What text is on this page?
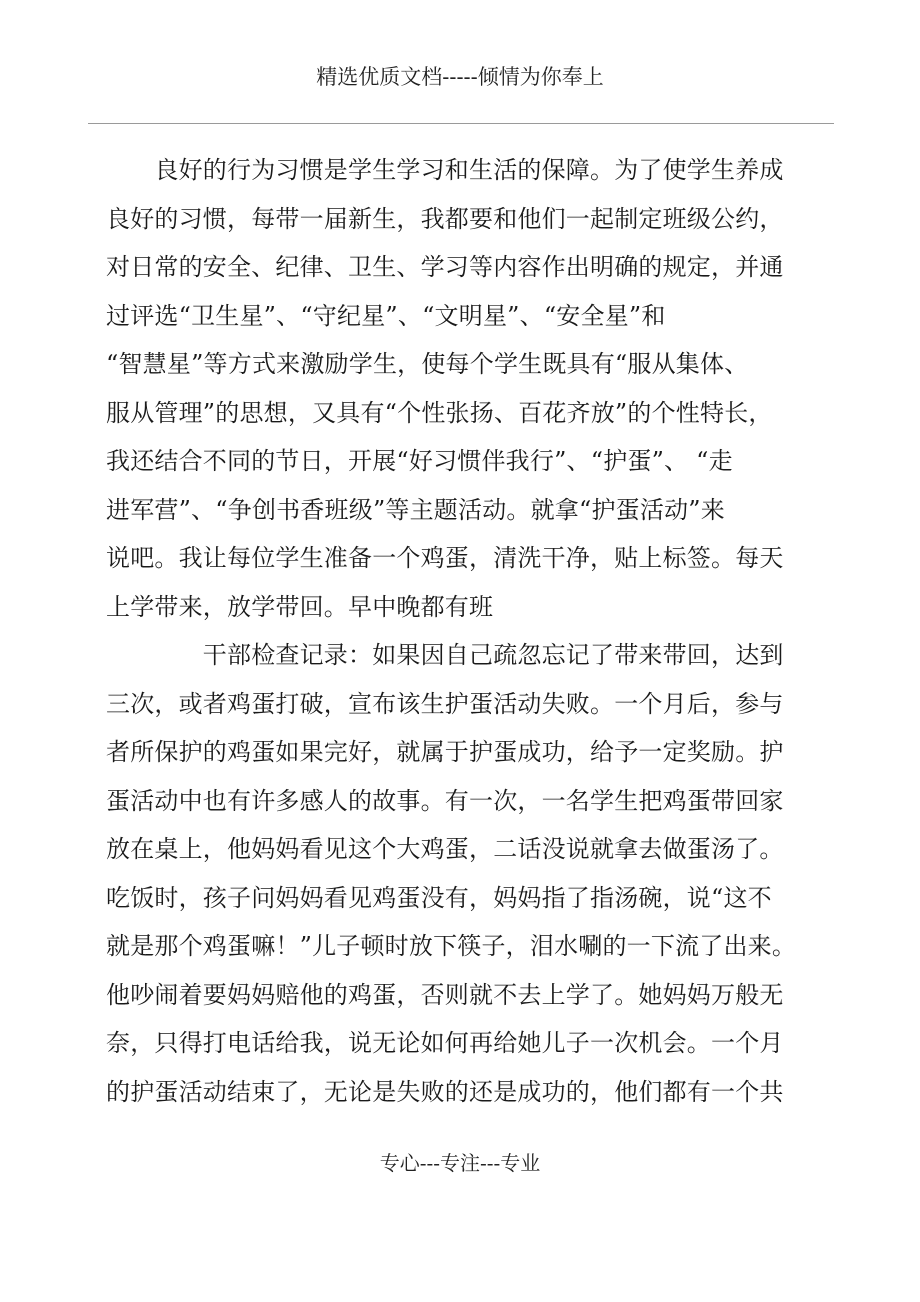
精选优质文档-----倾情为你奉上
　　良好的行为习惯是学生学习和生活的保障。为了使学生养成
良好的习惯，每带一届新生，我都要和他们一起制定班级公约，
对日常的安全、纪律、卫生、学习等内容作出明确的规定，并通
过评选“卫生星”、“守纪星”、“文明星”、“安全星”和
“智慧星”等方式来激励学生，使每个学生既具有“服从集体、
服从管理”的思想，又具有“个性张扬、百花齐放”的个性特长，
我还结合不同的节日，开展“好习惯伴我行”、“护蛋”、 “走
进军营”、“争创书香班级”等主题活动。就拿“护蛋活动”来
说吧。我让每位学生准备一个鸡蛋，清洗干净，贴上标签。每天
上学带来，放学带回。早中晚都有班
　　　　干部检查记录：如果因自己疏忽忘记了带来带回，达到
三次，或者鸡蛋打破，宣布该生护蛋活动失败。一个月后，参与
者所保护的鸡蛋如果完好，就属于护蛋成功，给予一定奖励。护
蛋活动中也有许多感人的故事。有一次，一名学生把鸡蛋带回家
放在桌上，他妈妈看见这个大鸡蛋，二话没说就拿去做蛋汤了。
吃饭时，孩子问妈妈看见鸡蛋没有，妈妈指了指汤碗，说“这不
就是那个鸡蛋嘛！”儿子顿时放下筷子，泪水唰的一下流了出来。
他吵闹着要妈妈赔他的鸡蛋，否则就不去上学了。她妈妈万般无
奈，只得打电话给我，说无论如何再给她儿子一次机会。一个月
的护蛋活动结束了，无论是失败的还是成功的，他们都有一个共
专心---专注---专业
